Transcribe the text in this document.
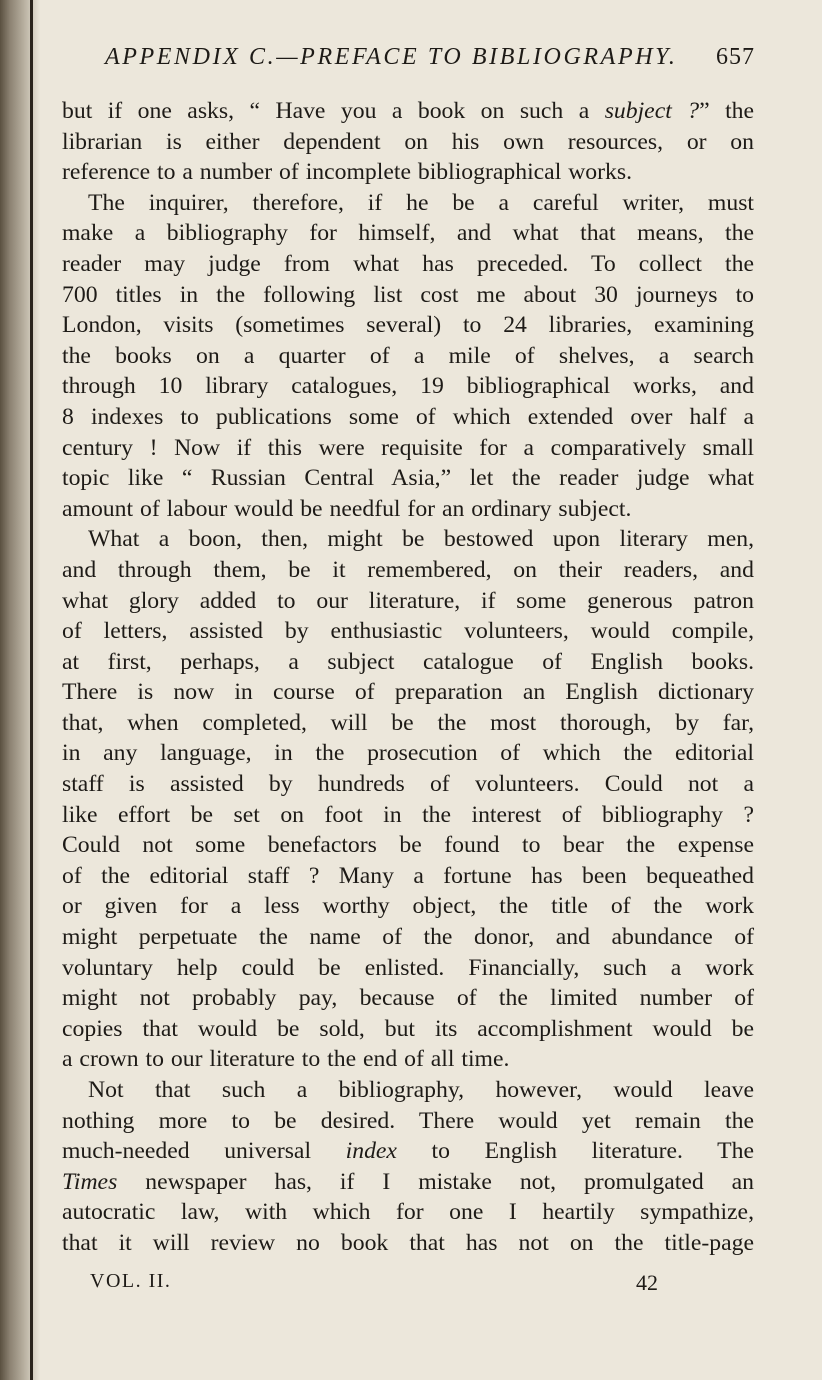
APPENDIX C.—PREFACE TO BIBLIOGRAPHY. 657

but if one asks, “ Have you a book on such a subject ?” the

librarian is either dependent on his own resources, or on

reference to a number of incomplete bibliographical works.

The inquirer, therefore, if he be a careful writer, must

make a bibliography for himself, and what that means, the

reader may judge from what has preceded. To collect the

700 titles in the following list cost me about 30 journeys to

London, visits (sometimes several) to 24 libraries, examining

the books on a quarter of a mile of shelves, a search

through 10 library catalogues, 19 bibliographical works, and

8 indexes to publications some of which extended over half a

century ! Now if this were requisite for a comparatively small

topic like “ Russian Central Asia,” let the reader judge what

amount of labour would be needful for an ordinary subject.

What a boon, then, might be bestowed upon literary men,

and through them, be it remembered, on their readers, and

what glory added to our literature, if some generous patron

of letters, assisted by enthusiastic volunteers, would compile,

at first, perhaps, a subject catalogue of English books.

There is now in course of preparation an English dictionary

that, when completed, will be the most thorough, by far,

in any language, in the prosecution of which the editorial

staff is assisted by hundreds of volunteers. Could not a

like effort be set on foot in the interest of bibliography ?

Could not some benefactors be found to bear the expense

of the editorial staff ? Many a fortune has been bequeathed

or given for a less worthy object, the title of the work

might perpetuate the name of the donor, and abundance of

voluntary help could be enlisted. Financially, such a work

might not probably pay, because of the limited number of

copies that would be sold, but its accomplishment would be

a crown to our literature to the end of all time.

Not that such a bibliography, however, would leave

nothing more to be desired. There would yet remain the

much-needed universal index to English literature. The

Times newspaper has, if I mistake not, promulgated an

autocratic law, with which for one I heartily sympathize,

that it will review no book that has not on the title-page

VOL. II.	42
